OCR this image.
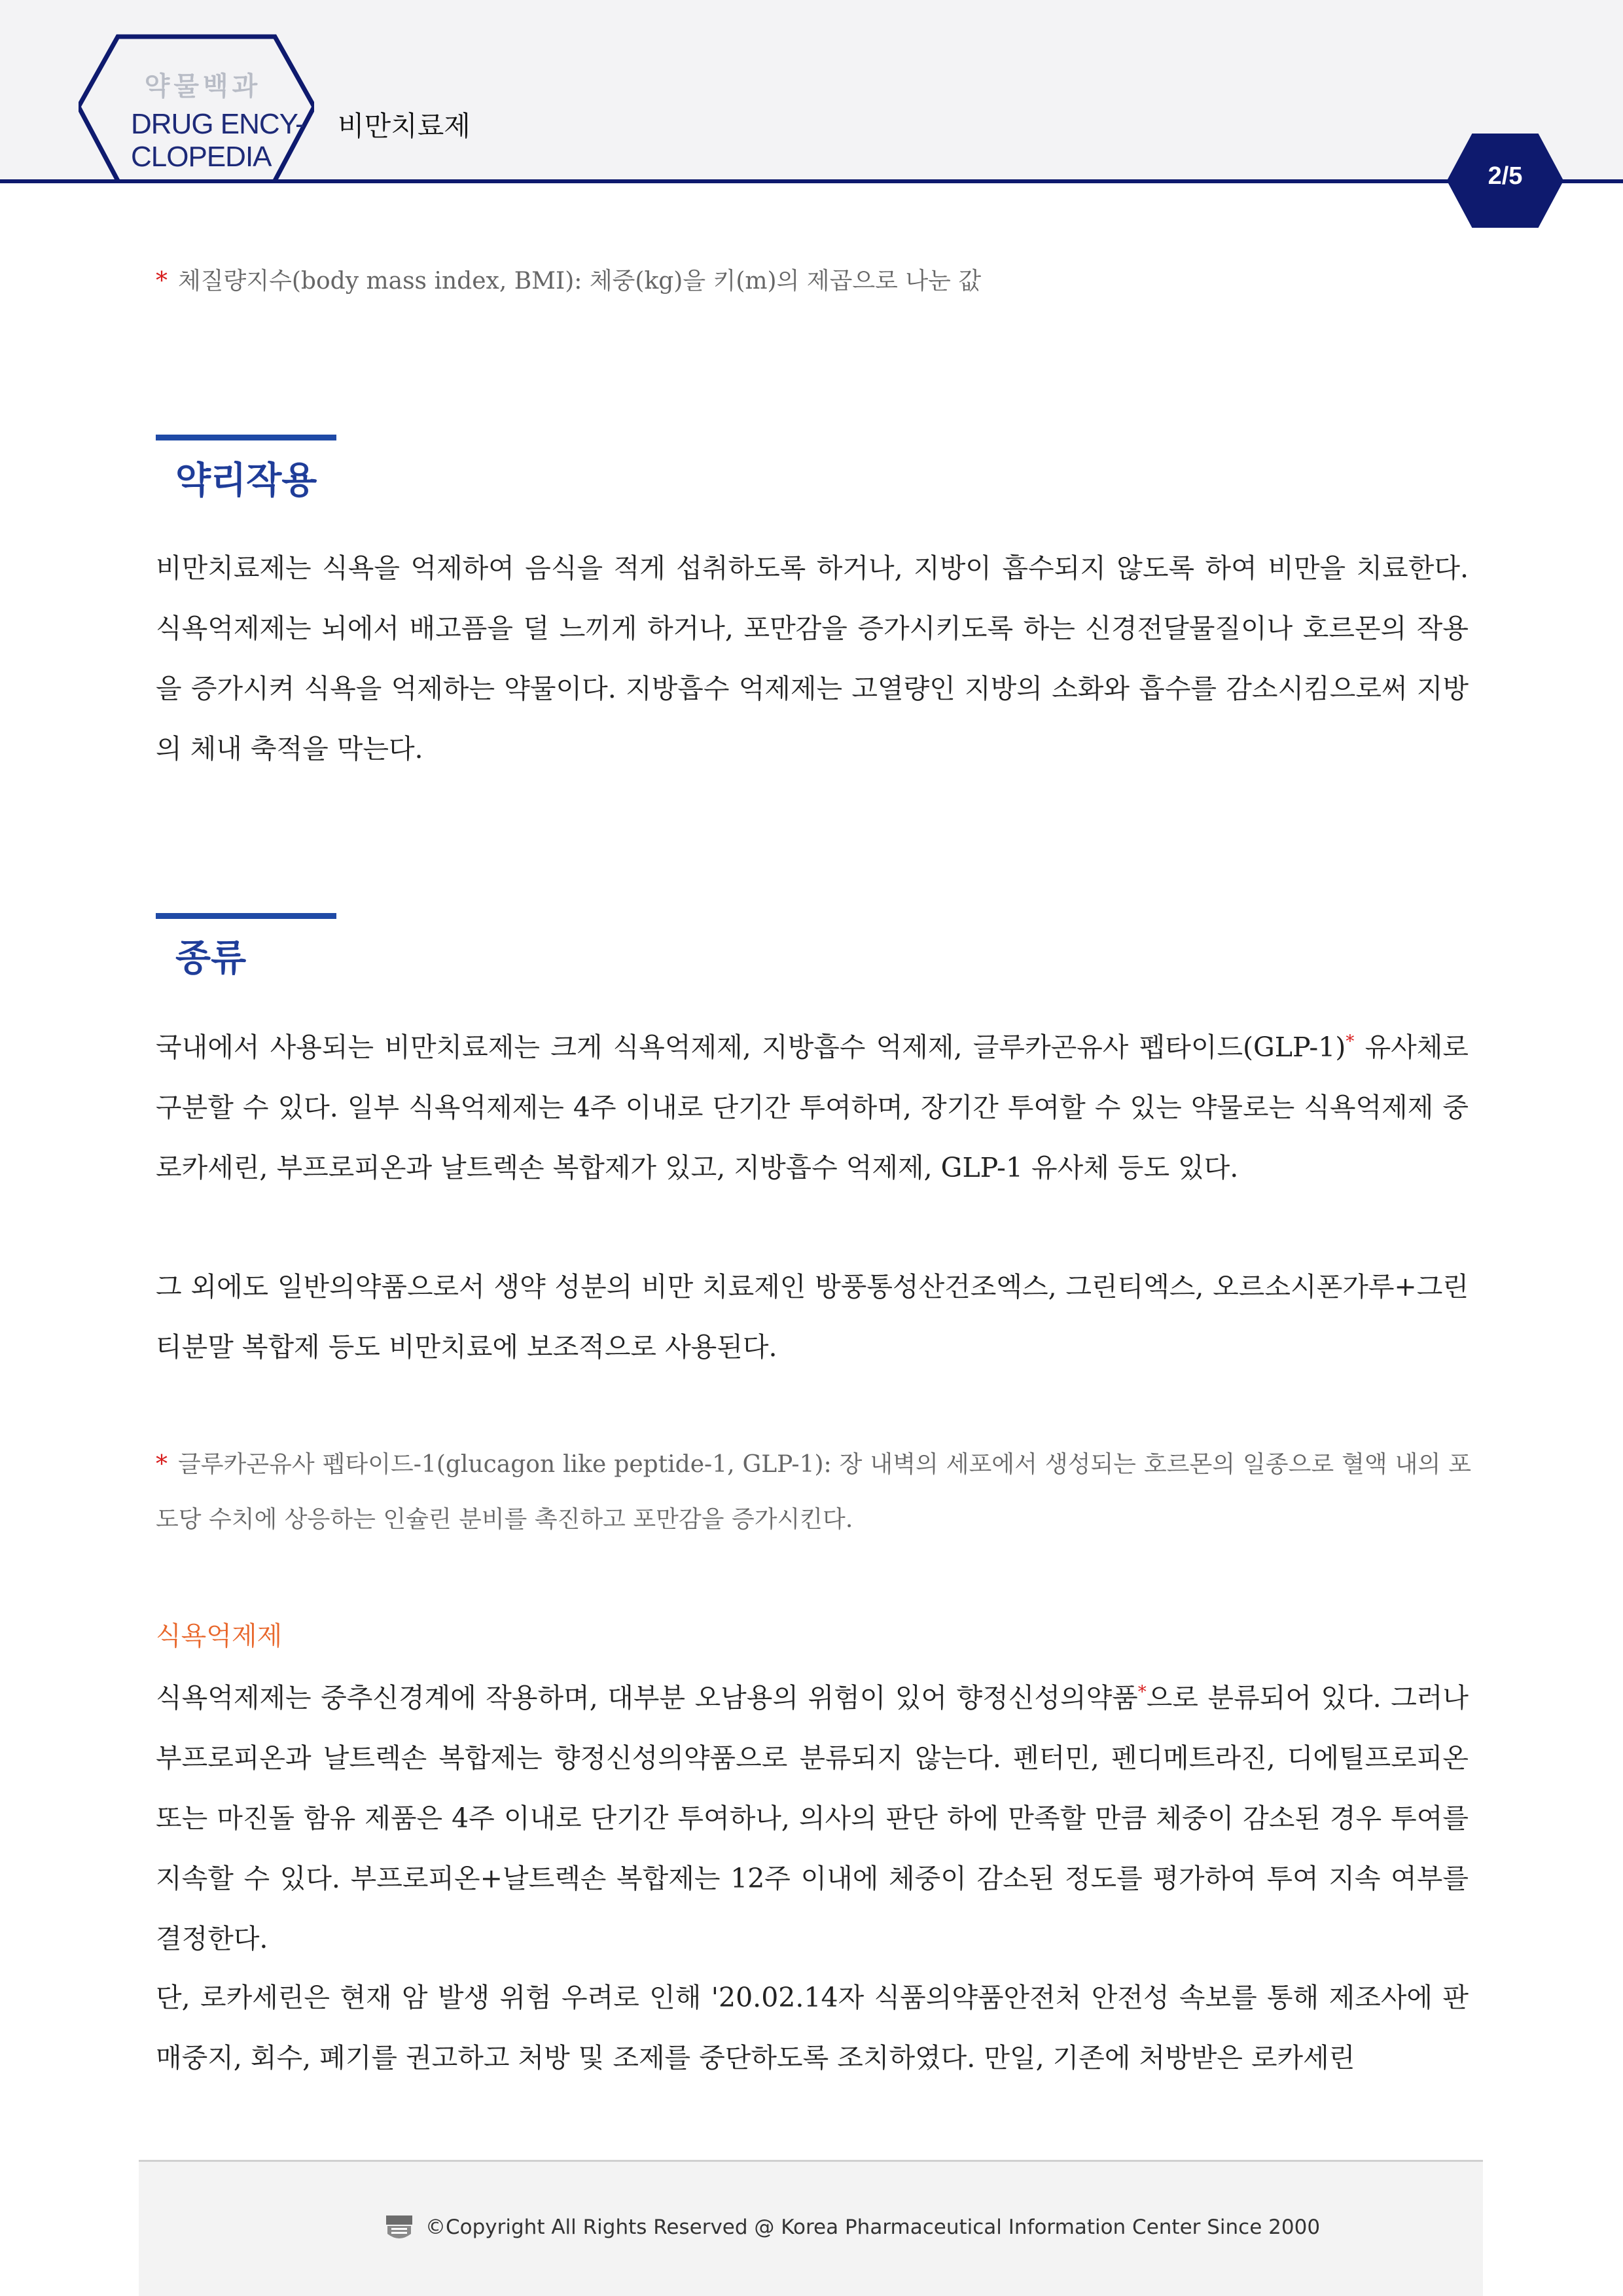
약물백과
DRUG ENCY-
CLOPEDIA
비만치료제
2/5
* 체질량지수(body mass index, BMI): 체중(kg)을 키(m)의 제곱으로 나눈 값
약리작용
비만치료제는 식욕을 억제하여 음식을 적게 섭취하도록 하거나, 지방이 흡수되지 않도록 하여 비만을 치료한다. 식욕억제제는 뇌에서 배고픔을 덜 느끼게 하거나, 포만감을 증가시키도록 하는 신경전달물질이나 호르몬의 작용을 증가시켜 식욕을 억제하는 약물이다. 지방흡수 억제제는 고열량인 지방의 소화와 흡수를 감소시킴으로써 지방의 체내 축적을 막는다.
종류
국내에서 사용되는 비만치료제는 크게 식욕억제제, 지방흡수 억제제, 글루카곤유사 펩타이드(GLP-1)* 유사체로 구분할 수 있다. 일부 식욕억제제는 4주 이내로 단기간 투여하며, 장기간 투여할 수 있는 약물로는 식욕억제제 중 로카세린, 부프로피온과 날트렉손 복합제가 있고, 지방흡수 억제제, GLP-1 유사체 등도 있다.
그 외에도 일반의약품으로서 생약 성분의 비만 치료제인 방풍통성산건조엑스, 그린티엑스, 오르소시폰가루+그린티분말 복합제 등도 비만치료에 보조적으로 사용된다.
* 글루카곤유사 펩타이드-1(glucagon like peptide-1, GLP-1): 장 내벽의 세포에서 생성되는 호르몬의 일종으로 혈액 내의 포도당 수치에 상응하는 인슐린 분비를 촉진하고 포만감을 증가시킨다.
식욕억제제
식욕억제제는 중추신경계에 작용하며, 대부분 오남용의 위험이 있어 향정신성의약품*으로 분류되어 있다. 그러나 부프로피온과 날트렉손 복합제는 향정신성의약품으로 분류되지 않는다. 펜터민, 펜디메트라진, 디에틸프로피온 또는 마진돌 함유 제품은 4주 이내로 단기간 투여하나, 의사의 판단 하에 만족할 만큼 체중이 감소된 경우 투여를 지속할 수 있다. 부프로피온+날트렉손 복합제는 12주 이내에 체중이 감소된 정도를 평가하여 투여 지속 여부를 결정한다.
단, 로카세린은 현재 암 발생 위험 우려로 인해 '20.02.14자 식품의약품안전처 안전성 속보를 통해 제조사에 판매중지, 회수, 폐기를 권고하고 처방 및 조제를 중단하도록 조치하였다. 만일, 기존에 처방받은 로카세린
©Copyright All Rights Reserved @ Korea Pharmaceutical Information Center Since 2000
